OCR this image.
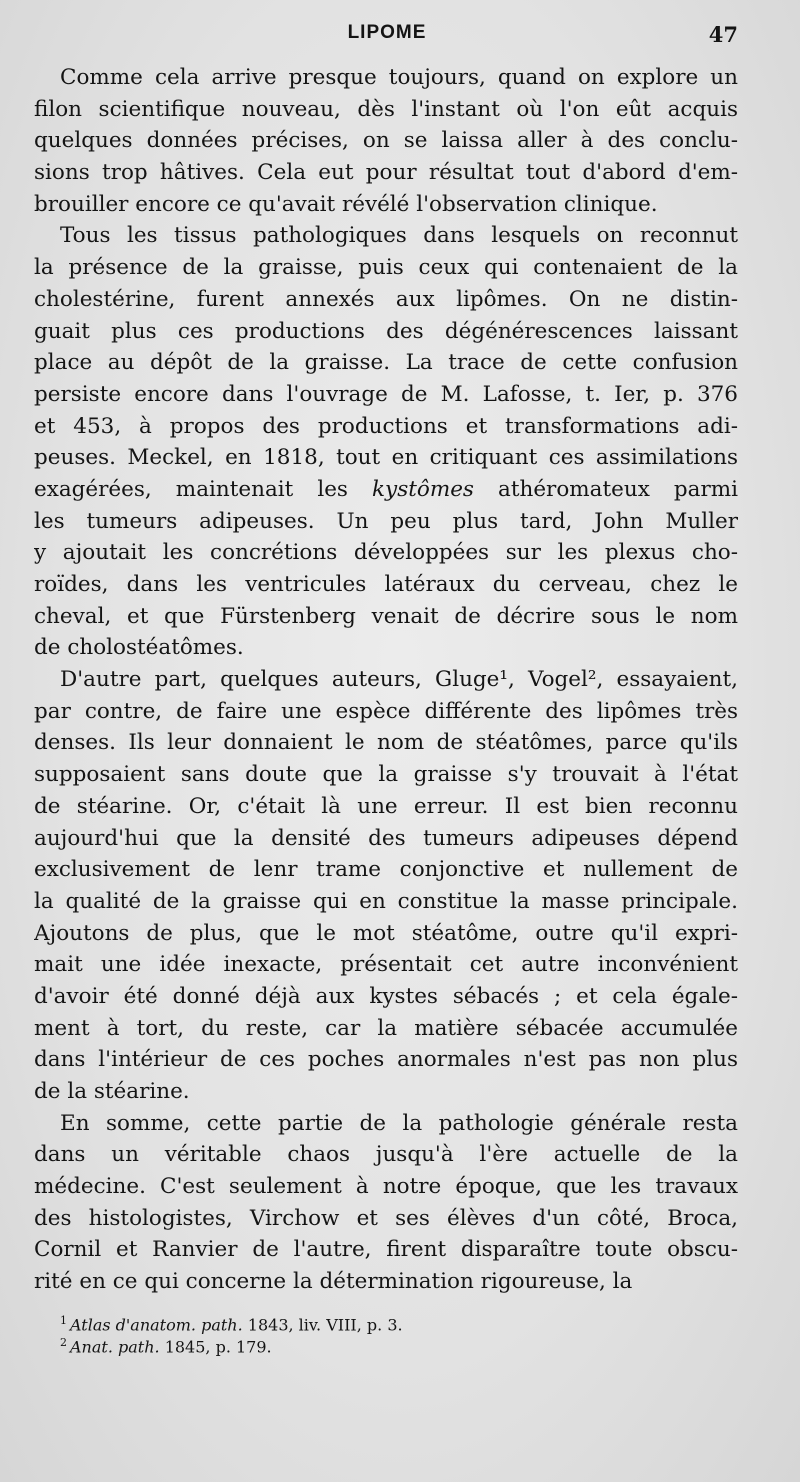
LIPOME	47
Comme cela arrive presque toujours, quand on explore un
filon scientifique nouveau, dès l'instant où l'on eût acquis
quelques données précises, on se laissa aller à des conclu-
sions trop hâtives. Cela eut pour résultat tout d'abord d'em-
brouiller encore ce qu'avait révélé l'observation clinique.
Tous les tissus pathologiques dans lesquels on reconnut
la présence de la graisse, puis ceux qui contenaient de la
cholestérine, furent annexés aux lipômes. On ne distin-
guait plus ces productions des dégénérescences laissant
place au dépôt de la graisse. La trace de cette confusion
persiste encore dans l'ouvrage de M. Lafosse, t. Ier, p. 376
et 453, à propos des productions et transformations adi-
peuses. Meckel, en 1818, tout en critiquant ces assimilations
exagérées, maintenait les kystômes athéromateux parmi
les tumeurs adipeuses. Un peu plus tard, John Muller
y ajoutait les concrétions développées sur les plexus cho-
roïdes, dans les ventricules latéraux du cerveau, chez le
cheval, et que Fürstenberg venait de décrire sous le nom
de cholostéatômes.
D'autre part, quelques auteurs, Gluge¹, Vogel², essayaient,
par contre, de faire une espèce différente des lipômes très
denses. Ils leur donnaient le nom de stéatômes, parce qu'ils
supposaient sans doute que la graisse s'y trouvait à l'état
de stéarine. Or, c'était là une erreur. Il est bien reconnu
aujourd'hui que la densité des tumeurs adipeuses dépend
exclusivement de lenr trame conjonctive et nullement de
la qualité de la graisse qui en constitue la masse principale.
Ajoutons de plus, que le mot stéatôme, outre qu'il expri-
mait une idée inexacte, présentait cet autre inconvénient
d'avoir été donné déjà aux kystes sébacés ; et cela égale-
ment à tort, du reste, car la matière sébacée accumulée
dans l'intérieur de ces poches anormales n'est pas non plus
de la stéarine.
En somme, cette partie de la pathologie générale resta
dans un véritable chaos jusqu'à l'ère actuelle de la
médecine. C'est seulement à notre époque, que les travaux
des histologistes, Virchow et ses élèves d'un côté, Broca,
Cornil et Ranvier de l'autre, firent disparaître toute obscu-
rité en ce qui concerne la détermination rigoureuse, la
$^1$ Atlas d'anatom. path. 1843, liv. VIII, p. 3.
$^2$ Anat. path. 1845, p. 179.
